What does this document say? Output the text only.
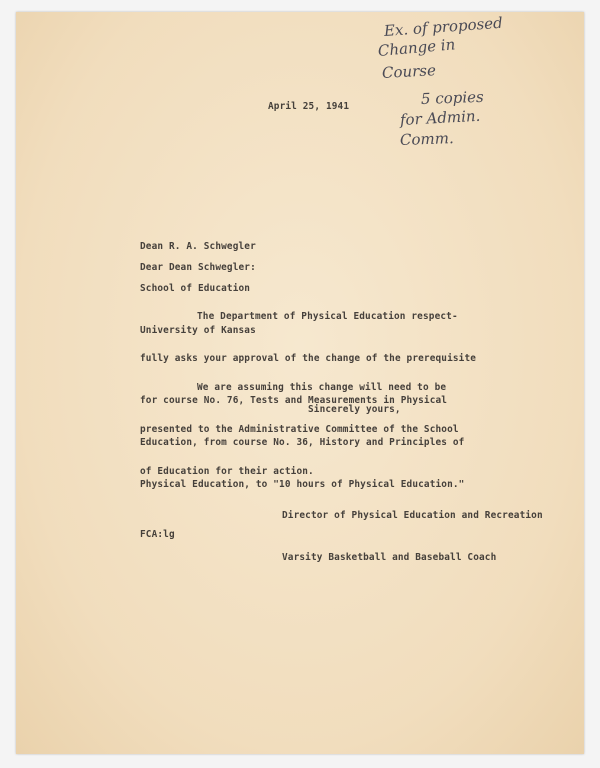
Ex. of proposed
Change in
Course
5 copies
for Admin.
Comm.
April 25, 1941

Dean R. A. Schwegler

School of Education

University of Kansas

Dear Dean Schwegler:

The Department of Physical Education respect-

fully asks your approval of the change of the prerequisite

for course No. 76, Tests and Measurements in Physical

Education, from course No. 36, History and Principles of

Physical Education, to "10 hours of Physical Education."

We are assuming this change will need to be

presented to the Administrative Committee of the School

of Education for their action.

Sincerely yours,

Director of Physical Education and Recreation

Varsity Basketball and Baseball Coach

FCA:lg
